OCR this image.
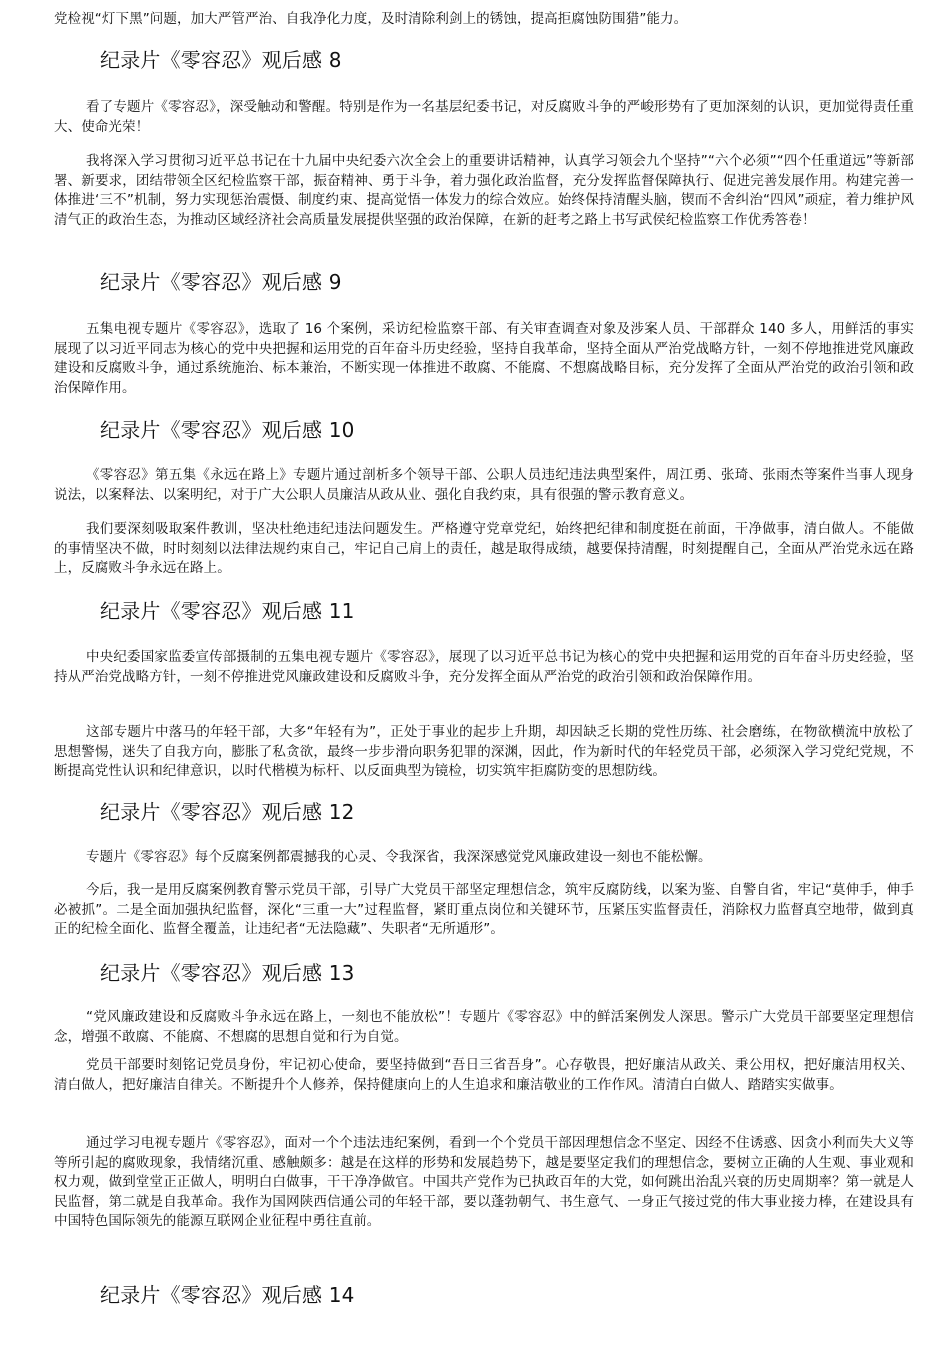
党检视“灯下黑”问题，加大严管严治、自我净化力度，及时清除利剑上的锈蚀，提高拒腐蚀防围猎”能力。
纪录片《零容忍》观后感 8

看了专题片《零容忍》，深受触动和警醒。特别是作为一名基层纪委书记，对反腐败斗争的严峻形势有了更加深刻的认识，更加觉得责任重大、使命光荣！

我将深入学习贯彻习近平总书记在十九届中央纪委六次全会上的重要讲话精神，认真学习领会九个坚持”“六个必须”“四个任重道远”等新部署、新要求，团结带领全区纪检监察干部，振奋精神、勇于斗争，着力强化政治监督，充分发挥监督保障执行、促进完善发展作用。构建完善一体推进‘三不”机制，努力实现惩治震慑、制度约束、提高觉悟一体发力的综合效应。始终保持清醒头脑，锲而不舍纠治“四风”顽症，着力维护风清气正的政治生态，为推动区域经济社会高质量发展提供坚强的政治保障，在新的赶考之路上书写武侯纪检监察工作优秀答卷！

纪录片《零容忍》观后感 9

五集电视专题片《零容忍》，选取了 16 个案例，采访纪检监察干部、有关审查调查对象及涉案人员、干部群众 140 多人，用鲜活的事实展现了以习近平同志为核心的党中央把握和运用党的百年奋斗历史经验，坚持自我革命，坚持全面从严治党战略方针，一刻不停地推进党风廉政建设和反腐败斗争，通过系统施治、标本兼治，不断实现一体推进不敢腐、不能腐、不想腐战略目标，充分发挥了全面从严治党的政治引领和政治保障作用。

纪录片《零容忍》观后感 10

《零容忍》第五集《永远在路上》专题片通过剖析多个领导干部、公职人员违纪违法典型案件，周江勇、张琦、张雨杰等案件当事人现身说法，以案释法、以案明纪，对于广大公职人员廉洁从政从业、强化自我约束，具有很强的警示教育意义。

我们要深刻吸取案件教训，坚决杜绝违纪违法问题发生。严格遵守党章党纪，始终把纪律和制度挺在前面，干净做事，清白做人。不能做的事情坚决不做，时时刻刻以法律法规约束自己，牢记自己肩上的责任，越是取得成绩，越要保持清醒，时刻提醒自己，全面从严治党永远在路上，反腐败斗争永远在路上。

纪录片《零容忍》观后感 11

中央纪委国家监委宣传部摄制的五集电视专题片《零容忍》，展现了以习近平总书记为核心的党中央把握和运用党的百年奋斗历史经验，坚持从严治党战略方针，一刻不停推进党风廉政建设和反腐败斗争，充分发挥全面从严治党的政治引领和政治保障作用。

这部专题片中落马的年轻干部，大多“年轻有为”，正处于事业的起步上升期，却因缺乏长期的党性历练、社会磨练，在物欲横流中放松了思想警惕，迷失了自我方向，膨胀了私贪欲，最终一步步滑向职务犯罪的深渊，因此，作为新时代的年轻党员干部，必须深入学习党纪党规，不断提高党性认识和纪律意识，以时代楷模为标杆、以反面典型为镜检，切实筑牢拒腐防变的思想防线。

纪录片《零容忍》观后感 12

专题片《零容忍》每个反腐案例都震撼我的心灵、令我深省，我深深感觉党风廉政建设一刻也不能松懈。

今后，我一是用反腐案例教育警示党员干部，引导广大党员干部坚定理想信念，筑牢反腐防线，以案为鉴、自警自省，牢记“莫伸手，伸手必被抓”。二是全面加强执纪监督，深化“三重一大”过程监督，紧盯重点岗位和关键环节，压紧压实监督责任，消除权力监督真空地带，做到真正的纪检全面化、监督全覆盖，让违纪者“无法隐藏”、失职者“无所遁形”。

纪录片《零容忍》观后感 13

“党风廉政建设和反腐败斗争永远在路上，一刻也不能放松”！专题片《零容忍》中的鲜活案例发人深思。警示广大党员干部要坚定理想信念，增强不敢腐、不能腐、不想腐的思想自觉和行为自觉。

党员干部要时刻铭记党员身份，牢记初心使命，要坚持做到“吾日三省吾身”。心存敬畏，把好廉洁从政关、秉公用权，把好廉洁用权关、清白做人，把好廉洁自律关。不断提升个人修养，保持健康向上的人生追求和廉洁敬业的工作作风。清清白白做人、踏踏实实做事。

通过学习电视专题片《零容忍》，面对一个个违法违纪案例，看到一个个党员干部因理想信念不坚定、因经不住诱惑、因贪小利而失大义等等所引起的腐败现象，我情绪沉重、感触颇多：越是在这样的形势和发展趋势下，越是要坚定我们的理想信念，要树立正确的人生观、事业观和权力观，做到堂堂正正做人，明明白白做事，干干净净做官。中国共产党作为已执政百年的大党，如何跳出治乱兴衰的历史周期率？第一就是人民监督，第二就是自我革命。我作为国网陕西信通公司的年轻干部，要以蓬勃朝气、书生意气、一身正气接过党的伟大事业接力棒，在建设具有中国特色国际领先的能源互联网企业征程中勇往直前。

纪录片《零容忍》观后感 14
